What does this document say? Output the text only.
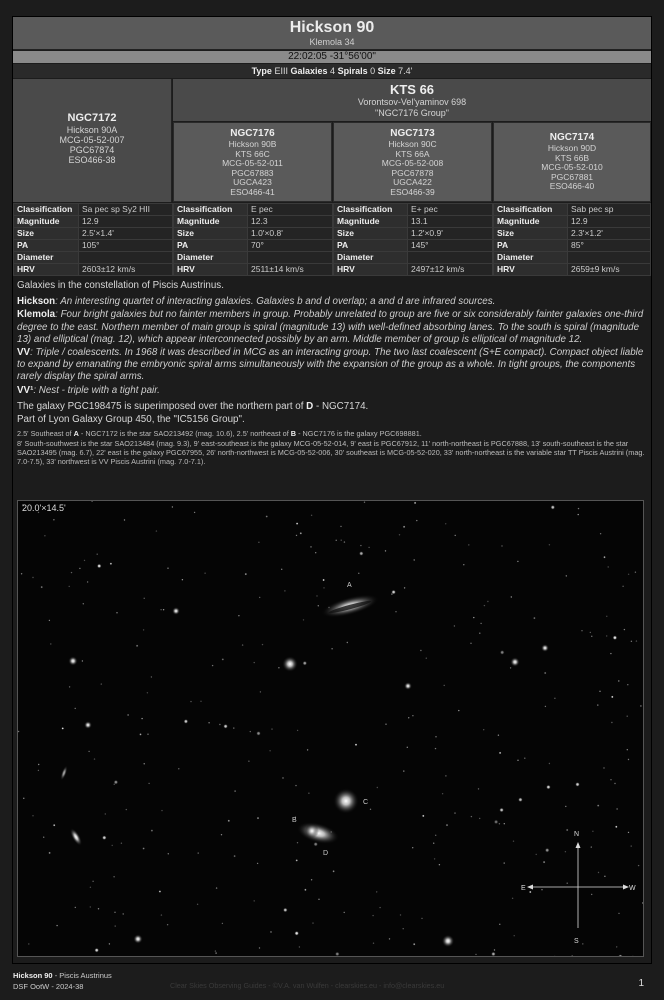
Hickson 90
Klemola 34
22:02:05 -31°56'00"
Type EIII Galaxies 4 Spirals 0 Size 7.4'
NGC7172
Hickson 90A
MCG-05-52-007
PGC67874
ESO466-38
KTS 66
Vorontsov-Vel'yaminov 698
"NGC7176 Group"
NGC7176
Hickson 90B
KTS 66C
MCG-05-52-011
PGC67883
UGCA423
ESO466-41
NGC7173
Hickson 90C
KTS 66A
MCG-05-52-008
PGC67878
UGCA422
ESO466-39
NGC7174
Hickson 90D
KTS 66B
MCG-05-52-010
PGC67881
ESO466-40
Classification	Sa pec sp Sy2 HII
Magnitude	12.9
Size	2.5'×1.4'
PA	105°
Diameter	
HRV	2603±12 km/s
Classification	E pec
Magnitude	12.3
Size	1.0'×0.8'
PA	70°
Diameter	
HRV	2511±14 km/s
Classification	E+ pec
Magnitude	13.1
Size	1.2'×0.9'
PA	145°
Diameter	
HRV	2497±12 km/s
Classification	Sab pec sp
Magnitude	12.9
Size	2.3'×1.2'
PA	85°
Diameter	
HRV	2659±9 km/s

Galaxies in the constellation of Piscis Austrinus.

Hickson: An interesting quartet of interacting galaxies. Galaxies b and d overlap; a and d are infrared sources.

Klemola: Four bright galaxies but no fainter members in group. Probably unrelated to group are five or six considerably fainter galaxies one-third degree to the east. Northern member of main group is spiral (magnitude 13) with well-defined absorbing lanes. To the south is spiral (magnitude 13) and elliptical (mag. 12), which appear interconnected possibly by an arm. Middle member of group is elliptical of magnitude 12.

VV: Triple / coalescents. In 1968 it was described in MCG as an interacting group. The two last coalescent (S+E compact). Compact object liable to expand by emanating the embryonic spiral arms simultaneously with the expansion of the group as a whole. In tight groups, the components rarely display the spiral arms.

VV¹: Nest - triple with a tight pair.

The galaxy PGC198475 is superimposed over the northern part of D - NGC7174.

Part of Lyon Galaxy Group 450, the "IC5156 Group".

2.5' Southeast of A - NGC7172 is the star SAO213492 (mag. 10.6), 2.5' northeast of B - NGC7176 is the galaxy PGC698881.

8' South-southwest is the star SAO213484 (mag. 9.3), 9' east-southeast is the galaxy MCG-05-52-014, 9' east is PGC67912, 11' north-northeast is PGC67888, 13' south-southeast is the star SAO213495 (mag. 6.7), 22' east is the galaxy PGC67955, 26' north-northwest is MCG-05-52-006, 30' southeast is MCG-05-52-020, 33' north-northeast is the variable star TT Piscis Austrini (mag. 7.0-7.5), 33' northwest is VV Piscis Austrini (mag. 7.0-7.1).

A
C
B
D
N
S
E	W
20.0'×14.5'
Hickson 90 - Piscis Austrinus
DSF OotW - 2024-38	Clear Skies Observing Guides - ©V.A. van Wulfen - clearskies.eu - info@clearskies.eu	1
